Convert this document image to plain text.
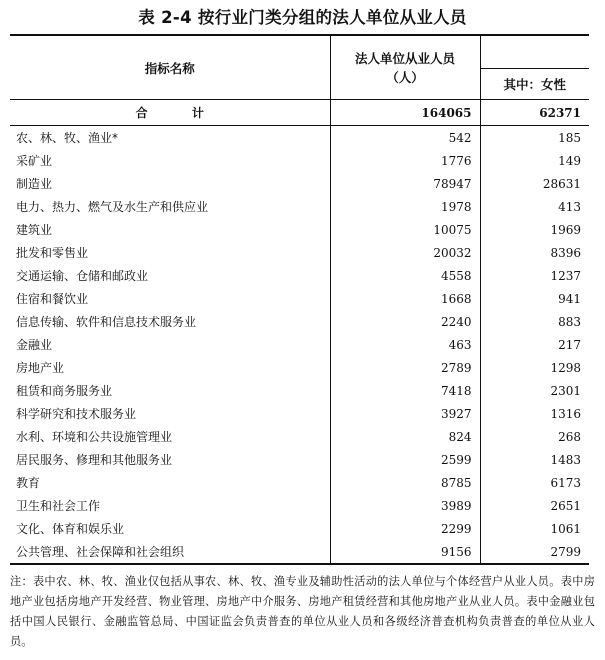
表 2-4 按行业门类分组的法人单位从业人员
指标名称	法人单位从业人员
（人）	
		其中：女性
合 计	164065	62371
农、林、牧、渔业*	542	185
采矿业	1776	149
制造业	78947	28631
电力、热力、燃气及水生产和供应业	1978	413
建筑业	10075	1969
批发和零售业	20032	8396
交通运输、仓储和邮政业	4558	1237
住宿和餐饮业	1668	941
信息传输、软件和信息技术服务业	2240	883
金融业	463	217
房地产业	2789	1298
租赁和商务服务业	7418	2301
科学研究和技术服务业	3927	1316
水利、环境和公共设施管理业	824	268
居民服务、修理和其他服务业	2599	1483
教育	8785	6173
卫生和社会工作	3989	2651
文化、体育和娱乐业	2299	1061
公共管理、社会保障和社会组织	9156	2799
注：表中农、林、牧、渔业仅包括从事农、林、牧、渔专业及辅助性活动的法人单位与个体经营户从业人员。表中房地产业包括房地产开发经营、物业管理、房地产中介服务、房地产租赁经营和其他房地产业从业人员。表中金融业包括中国人民银行、金融监管总局、中国证监会负责普查的单位从业人员和各级经济普查机构负责普查的单位从业人员。
